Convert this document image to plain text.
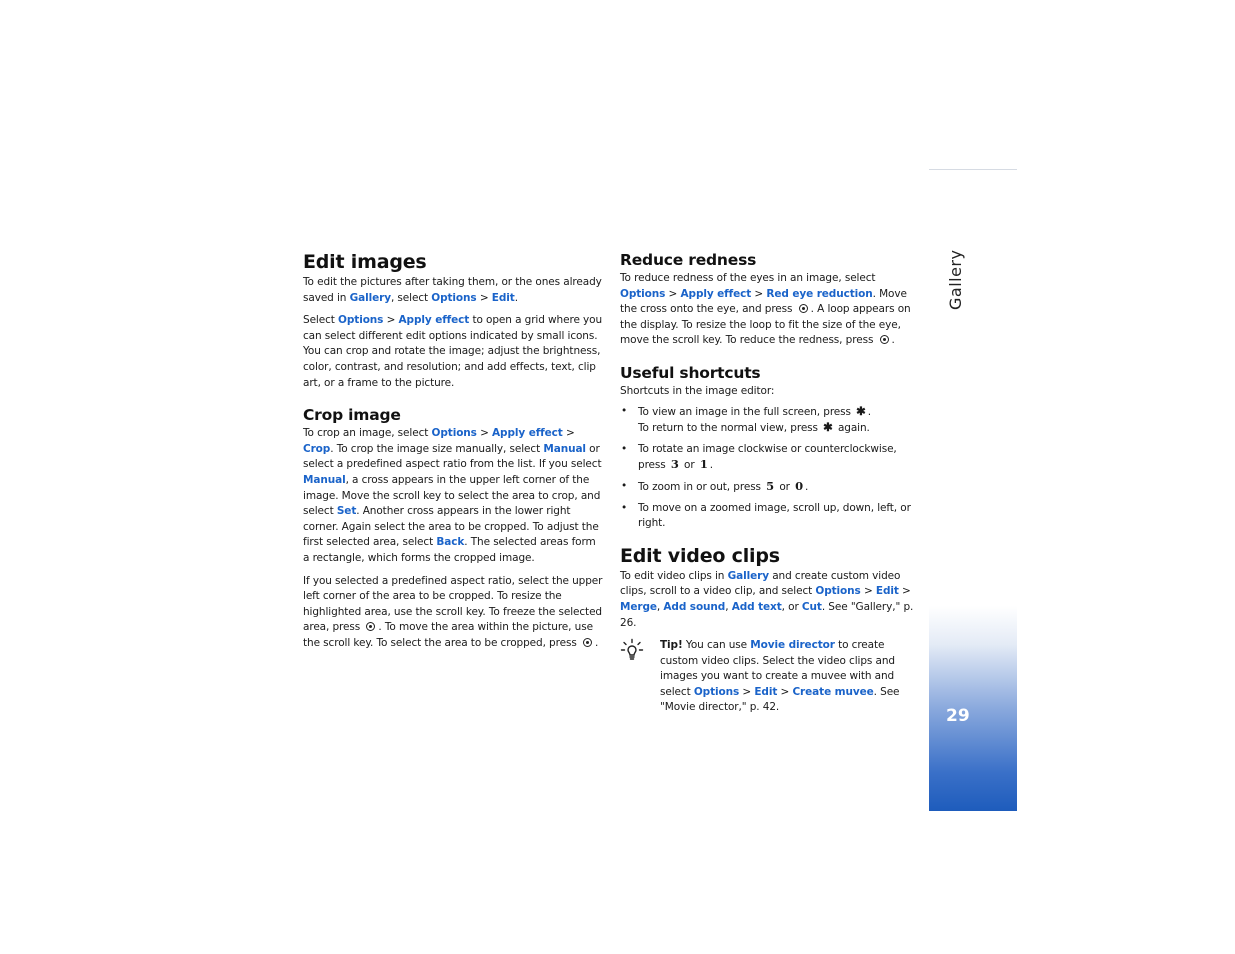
Gallery
29
Edit images

To edit the pictures after taking them, or the ones already saved in Gallery, select Options > Edit.

Select Options > Apply effect to open a grid where you can select different edit options indicated by small icons. You can crop and rotate the image; adjust the brightness, color, contrast, and resolution; and add effects, text, clip art, or a frame to the picture.

Crop image

To crop an image, select Options > Apply effect > Crop. To crop the image size manually, select Manual or select a predefined aspect ratio from the list. If you select Manual, a cross appears in the upper left corner of the image. Move the scroll key to select the area to crop, and select Set. Another cross appears in the lower right corner. Again select the area to be cropped. To adjust the first selected area, select Back. The selected areas form a rectangle, which forms the cropped image.

If you selected a predefined aspect ratio, select the upper left corner of the area to be cropped. To resize the highlighted area, use the scroll key. To freeze the selected area, press . To move the area within the picture, use the scroll key. To select the area to be cropped, press .

Reduce redness

To reduce redness of the eyes in an image, select Options > Apply effect > Red eye reduction. Move the cross onto the eye, and press . A loop appears on the display. To resize the loop to fit the size of the eye, move the scroll key. To reduce the redness, press .

Useful shortcuts

Shortcuts in the image editor:

• To view an image in the full screen, press ✱ .
To return to the normal view, press ✱ again.
• To rotate an image clockwise or counterclockwise, press 3 or 1 .
• To zoom in or out, press 5 or 0 .
• To move on a zoomed image, scroll up, down, left, or right.
Edit video clips

To edit video clips in Gallery and create custom video clips, scroll to a video clip, and select Options > Edit > Merge, Add sound, Add text, or Cut. See "Gallery," p. 26.

Tip! You can use Movie director to create custom video clips. Select the video clips and images you want to create a muvee with and select Options > Edit > Create muvee. See "Movie director," p. 42.
